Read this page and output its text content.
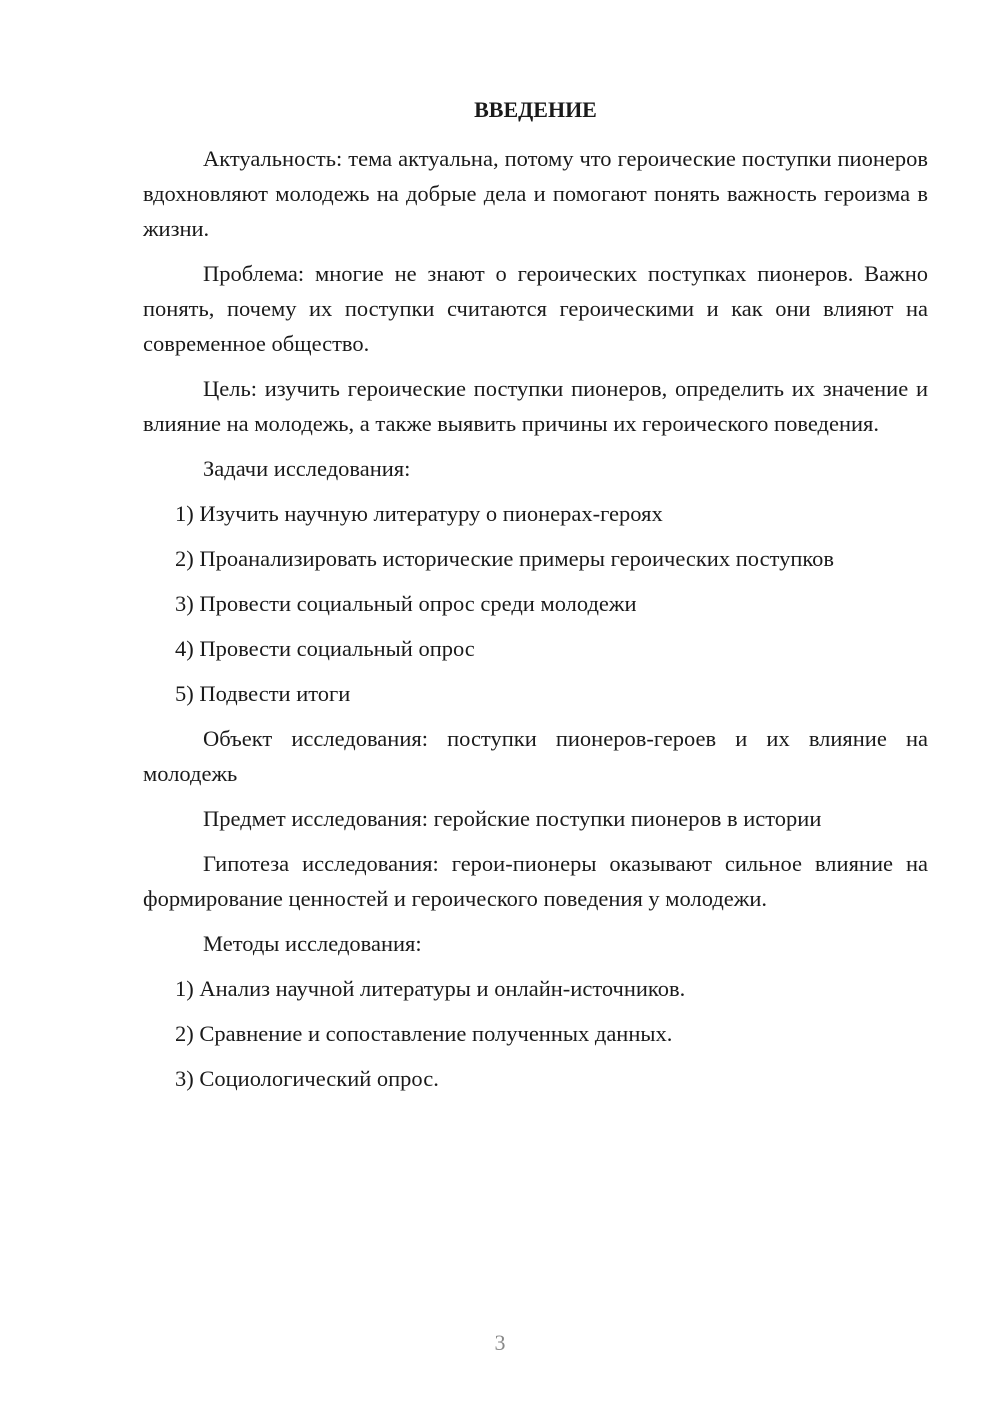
ВВЕДЕНИЕ

Актуальность: тема актуальна, потому что героические поступки пионеров вдохновляют молодежь на добрые дела и помогают понять важность героизма в жизни.

Проблема: многие не знают о героических поступках пионеров. Важно понять, почему их поступки считаются героическими и как они влияют на современное общество.

Цель: изучить героические поступки пионеров, определить их значение и влияние на молодежь, а также выявить причины их героического поведения.

Задачи исследования:

1) Изучить научную литературу о пионерах-героях

2) Проанализировать исторические примеры героических поступков

3) Провести социальный опрос среди молодежи

4) Провести социальный опрос

5) Подвести итоги

Объект исследования: поступки пионеров-героев и их влияние на молодежь

Предмет исследования: геройские поступки пионеров в истории

Гипотеза исследования: герои-пионеры оказывают сильное влияние на формирование ценностей и героического поведения у молодежи.

Методы исследования:

1) Анализ научной литературы и онлайн-источников.

2) Сравнение и сопоставление полученных данных.

3) Социологический опрос.

3
